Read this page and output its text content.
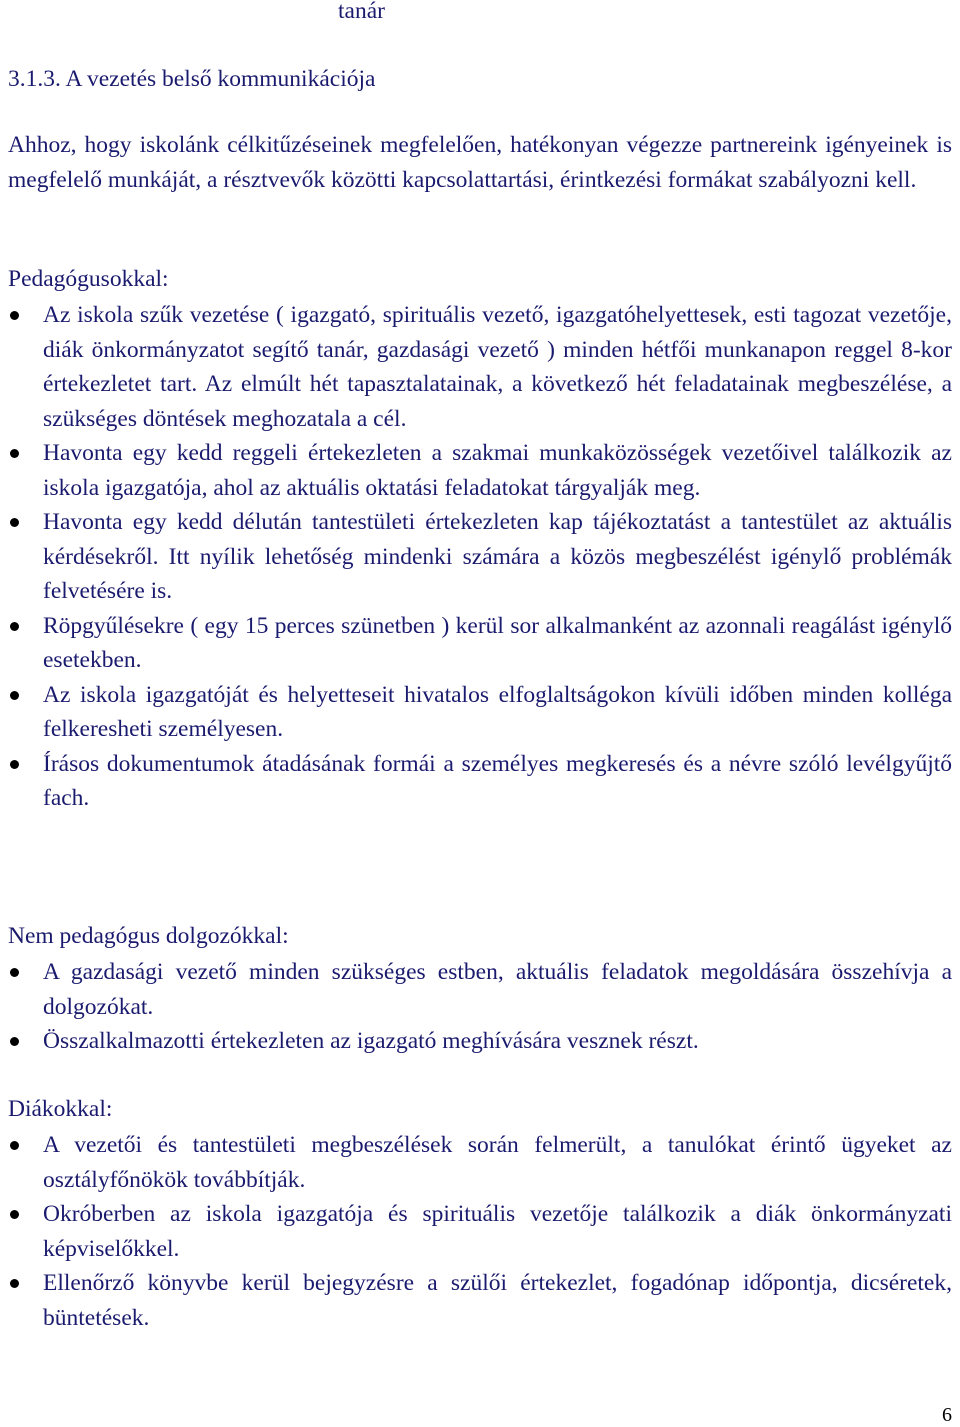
tanár
3.1.3. A vezetés belső kommunikációja
Ahhoz, hogy iskolánk célkitűzéseinek megfelelően, hatékonyan végezze partnereink igényeinek is megfelelő munkáját, a résztvevők közötti kapcsolattartási, érintkezési formákat szabályozni kell.
Pedagógusokkal:
Az iskola szűk vezetése ( igazgató, spirituális vezető, igazgatóhelyettesek, esti tagozat vezetője, diák önkormányzatot segítő tanár, gazdasági vezető ) minden hétfői munkanapon reggel 8-kor értekezletet tart. Az elmúlt hét tapasztalatainak, a következő hét feladatainak megbeszélése, a szükséges döntések meghozatala a cél.
Havonta egy kedd reggeli értekezleten a szakmai munkaközösségek vezetőivel találkozik az iskola igazgatója, ahol az aktuális oktatási feladatokat tárgyalják meg.
Havonta egy kedd délután tantestületi értekezleten kap tájékoztatást a tantestület az aktuális kérdésekről. Itt nyílik lehetőség mindenki számára a közös megbeszélést igénylő problémák felvetésére is.
Röpgyűlésekre ( egy 15 perces szünetben ) kerül sor alkalmanként az azonnali reagálást igénylő esetekben.
Az iskola igazgatóját és helyetteseit hivatalos elfoglaltságokon kívüli időben minden kolléga felkeresheti személyesen.
Írásos dokumentumok átadásának formái a személyes megkeresés és a névre szóló levélgyűjtő fach.
Nem pedagógus dolgozókkal:
A gazdasági vezető minden szükséges estben, aktuális feladatok megoldására összehívja a dolgozókat.
Összalkalmazotti értekezleten az igazgató meghívására vesznek részt.
Diákokkal:
A vezetői és tantestületi megbeszélések során felmerült, a tanulókat érintő ügyeket az osztályfőnökök továbbítják.
Okróberben az iskola igazgatója és spirituális vezetője találkozik a diák önkormányzati képviselőkkel.
Ellenőrző könyvbe kerül bejegyzésre a szülői értekezlet, fogadónap időpontja, dicséretek, büntetések.
6
